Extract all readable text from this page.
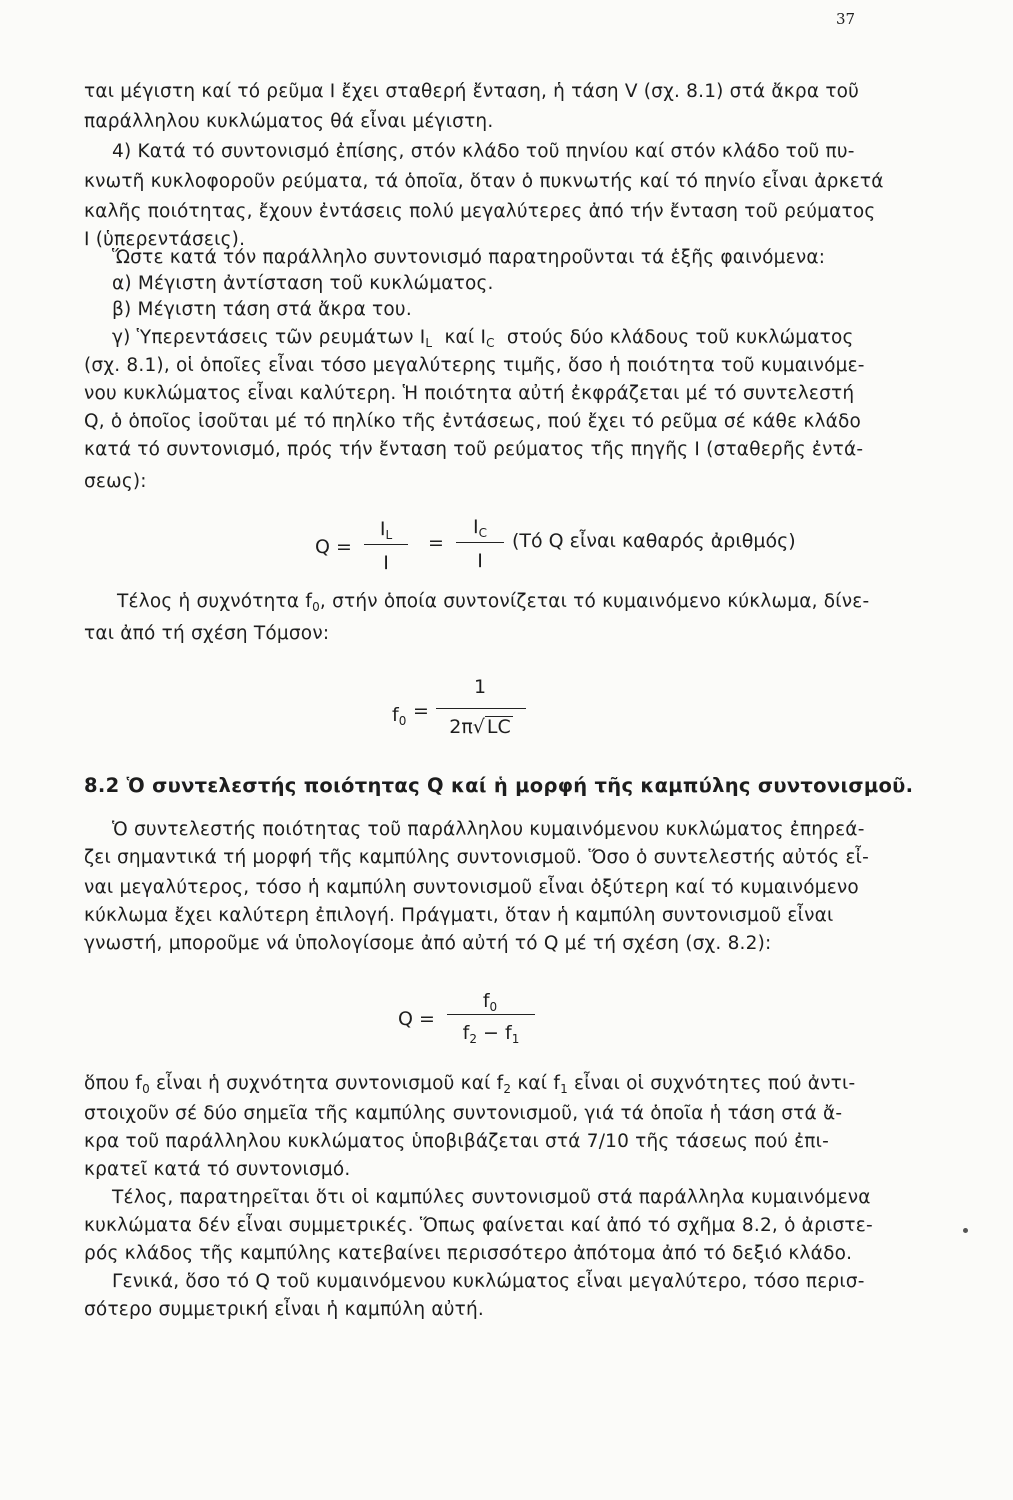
37
ται μέγιστη καί τό ρεῦμα Ι ἔχει σταθερή ἔνταση, ἡ τάση V (σχ. 8.1) στά ἄκρα τοῦ
παράλληλου κυκλώματος θά εἶναι μέγιστη.
4) Κατά τό συντονισμό ἐπίσης, στόν κλάδο τοῦ πηνίου καί στόν κλάδο τοῦ πυ-
κνωτῆ κυκλοφοροῦν ρεύματα, τά ὁποῖα, ὅταν ὁ πυκνωτής καί τό πηνίο εἶναι ἀρκετά
καλῆς ποιότητας, ἔχουν ἐντάσεις πολύ μεγαλύτερες ἀπό τήν ἔνταση τοῦ ρεύματος
Ι (ὑπερεντάσεις).
Ὥστε κατά τόν παράλληλο συντονισμό παρατηροῦνται τά ἑξῆς φαινόμενα:
α) Μέγιστη ἀντίσταση τοῦ κυκλώματος.
β) Μέγιστη τάση στά ἄκρα του.
γ) Ὑπερεντάσεις τῶν ρευμάτων $I_L$ καί $I_C$ στούς δύο κλάδους τοῦ κυκλώματος
(σχ. 8.1), οἱ ὁποῖες εἶναι τόσο μεγαλύτερης τιμῆς, ὅσο ἡ ποιότητα τοῦ κυμαινόμε-
νου κυκλώματος εἶναι καλύτερη. Ἡ ποιότητα αὐτή ἐκφράζεται μέ τό συντελεστή
Q, ὁ ὁποῖος ἰσοῦται μέ τό πηλίκο τῆς ἐντάσεως, πού ἔχει τό ρεῦμα σέ κάθε κλάδο
κατά τό συντονισμό, πρός τήν ἔνταση τοῦ ρεύματος τῆς πηγῆς Ι (σταθερῆς ἐντά-
σεως):
Q =
$I_L$
Ι
=
$I_C$
Ι
(Τό Q εἶναι καθαρός ἀριθμός)
Τέλος ἡ συχνότητα $f_0$, στήν ὁποία συντονίζεται τό κυμαινόμενο κύκλωμα, δίνε-
ται ἀπό τή σχέση Τόμσον:
$f_0$ =
1
2π√ LC
8.2 Ὁ συντελεστής ποιότητας Q καί ἡ μορφή τῆς καμπύλης συντονισμοῦ.
Ὁ συντελεστής ποιότητας τοῦ παράλληλου κυμαινόμενου κυκλώματος ἐπηρεά-
ζει σημαντικά τή μορφή τῆς καμπύλης συντονισμοῦ. Ὅσο ὁ συντελεστής αὐτός εἶ-
ναι μεγαλύτερος, τόσο ἡ καμπύλη συντονισμοῦ εἶναι ὀξύτερη καί τό κυμαινόμενο
κύκλωμα ἔχει καλύτερη ἐπιλογή. Πράγματι, ὅταν ἡ καμπύλη συντονισμοῦ εἶναι
γνωστή, μποροῦμε νά ὑπολογίσομε ἀπό αὐτή τό Q μέ τή σχέση (σχ. 8.2):
Q =
$f_0$
$f_2 - f_1$
ὅπου $f_0$ εἶναι ἡ συχνότητα συντονισμοῦ καί $f_2$ καί $f_1$ εἶναι οἱ συχνότητες πού ἀντι-
στοιχοῦν σέ δύο σημεῖα τῆς καμπύλης συντονισμοῦ, γιά τά ὁποῖα ἡ τάση στά ἄ-
κρα τοῦ παράλληλου κυκλώματος ὑποβιβάζεται στά 7/10 τῆς τάσεως πού ἐπι-
κρατεῖ κατά τό συντονισμό.
Τέλος, παρατηρεῖται ὅτι οἱ καμπύλες συντονισμοῦ στά παράλληλα κυμαινόμενα
κυκλώματα δέν εἶναι συμμετρικές. Ὅπως φαίνεται καί ἀπό τό σχῆμα 8.2, ὁ ἀριστε-
ρός κλάδος τῆς καμπύλης κατεβαίνει περισσότερο ἀπότομα ἀπό τό δεξιό κλάδο.
Γενικά, ὅσο τό Q τοῦ κυμαινόμενου κυκλώματος εἶναι μεγαλύτερο, τόσο περισ-
σότερο συμμετρική εἶναι ἡ καμπύλη αὐτή.
